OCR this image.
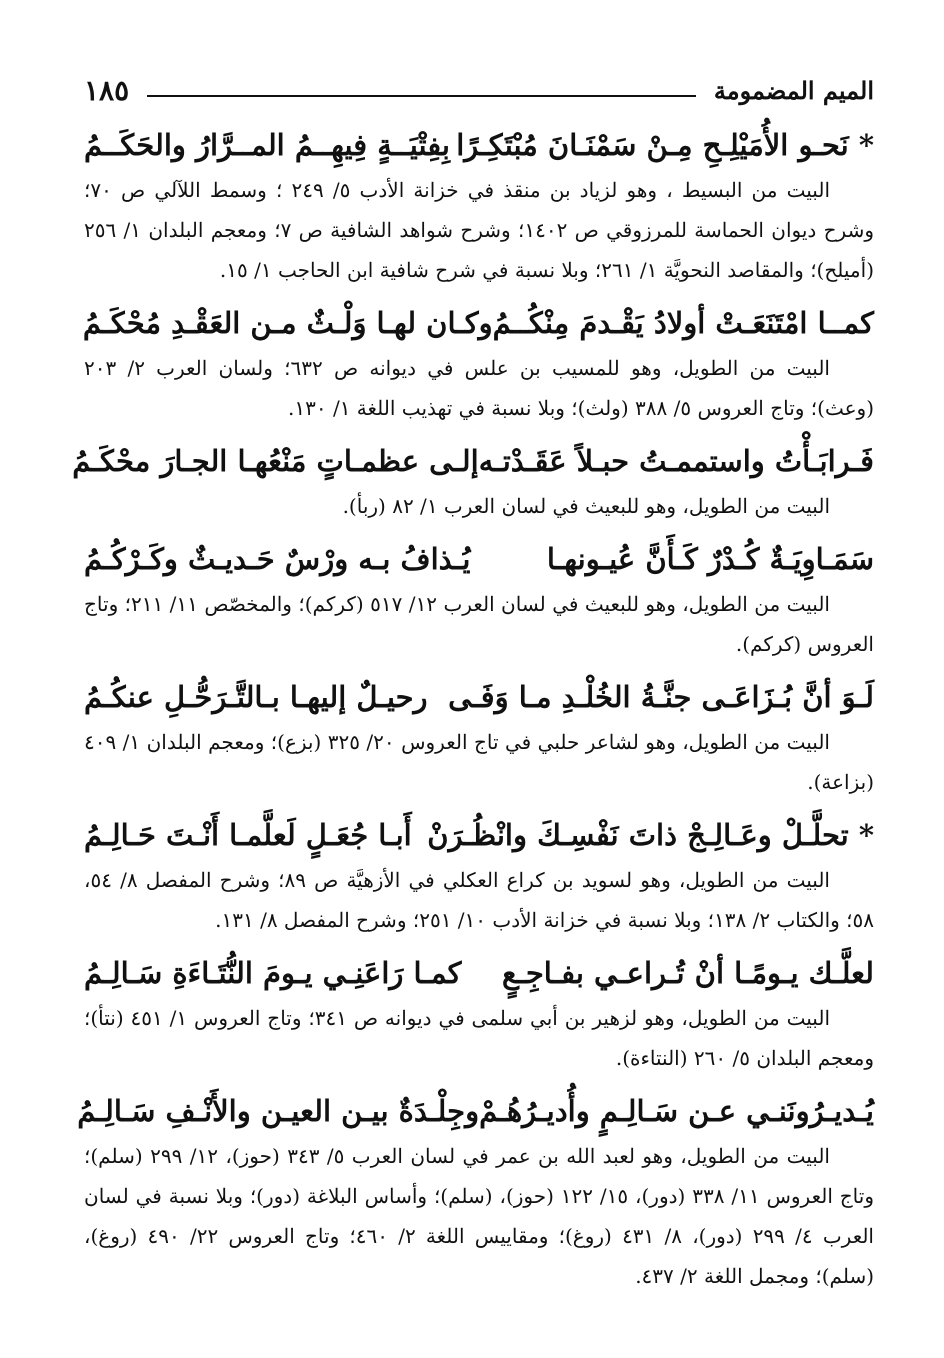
الميم المضمومة
١٨٥
* نَحـو الأُمَيْلِـحِ مِـنْ سَمْنَـانَ مُبْتَكِـرًا
بِفِتْيَــةٍ فِيهِــمُ المــرَّارُ والحَكَــمُ

البيت من البسيط ، وهو لزياد بن منقذ في خزانة الأدب ٥/ ٢٤٩ ؛ وسمط اللآلي ص ٧٠؛ وشرح ديوان الحماسة للمرزوقي ص ١٤٠٢؛ وشرح شواهد الشافية ص ٧؛ ومعجم البلدان ١/ ٢٥٦ (أميلح)؛ والمقاصد النحويَّة ١/ ٢٦١؛ وبلا نسبة في شرح شافية ابن الحاجب ١/ ١٥.

كمــا امْتَنَعَـتْ أولادُ يَقْـدمَ مِنْكُــمُ
وكـان لهـا وَلْـثٌ مـن العَقْـدِ مُحْكَـمُ

البيت من الطويل، وهو للمسيب بن علس في ديوانه ص ٦٣٢؛ ولسان العرب ٢/ ٢٠٣ (وعث)؛ وتاج العروس ٥/ ٣٨٨ (ولث)؛ وبلا نسبة في تهذيب اللغة ١/ ١٣٠.

فَـرابَـأْتُ واستممـتُ حبـلاً عَقَـدْتـه
إلـى عظمـاتٍ مَنْعُهـا الجـارَ محْكَـمُ

البيت من الطويل، وهو للبعيث في لسان العرب ١/ ٨٢ (ربأ).

سَمَـاوِيَـةٌ كُـدْرٌ كَـأَنَّ عُيـونهـا
يُـذافُ بـه ورْسٌ حَـديـثٌ وكَـرْكُـمُ

البيت من الطويل، وهو للبعيث في لسان العرب ١٢/ ٥١٧ (كركم)؛ والمخصّص ١١/ ٢١١؛ وتاج العروس (كركم).

لَـوَ أنَّ بُـزَاعَـى جنَّـةُ الخُلْـدِ مـا وَفَـى
رحيـلٌ إليهـا بـالتَّـرَحُّـلِ عنكُـمُ

البيت من الطويل، وهو لشاعر حلبي في تاج العروس ٢٠/ ٣٢٥ (بزع)؛ ومعجم البلدان ١/ ٤٠٩ (بزاعة).

* تحلَّـلْ وعَـالِـجْ ذاتَ نَفْسِـكَ وانْظُـرَنْ
أَبـا جُعَـلٍ لَعلَّمـا أَنْـتَ حَـالِـمُ

البيت من الطويل، وهو لسويد بن كراع العكلي في الأزهيَّة ص ٨٩؛ وشرح المفصل ٨/ ٥٤، ٥٨؛ والكتاب ٢/ ١٣٨؛ وبلا نسبة في خزانة الأدب ١٠/ ٢٥١؛ وشرح المفصل ٨/ ١٣١.

لعلَّـك يـومًـا أنْ تُـراعـي بفـاجِـعٍ
كمـا رَاعَنِـي يـومَ النُّتَـاءَةِ سَـالِـمُ

البيت من الطويل، وهو لزهير بن أبي سلمى في ديوانه ص ٣٤١؛ وتاج العروس ١/ ٤٥١ (نتأ)؛ ومعجم البلدان ٥/ ٢٦٠ (النتاءة).

يُـديـرُونَنـي عـن سَـالِـمٍ وأُديـرُهُـمْ
وجِلْـدَةٌ بيـن العيـن والأَنْـفِ سَـالِـمُ

البيت من الطويل، وهو لعبد الله بن عمر في لسان العرب ٥/ ٣٤٣ (حوز)، ١٢/ ٢٩٩ (سلم)؛ وتاج العروس ١١/ ٣٣٨ (دور)، ١٥/ ١٢٢ (حوز)، (سلم)؛ وأساس البلاغة (دور)؛ وبلا نسبة في لسان العرب ٤/ ٢٩٩ (دور)، ٨/ ٤٣١ (روغ)؛ ومقاييس اللغة ٢/ ٤٦٠؛ وتاج العروس ٢٢/ ٤٩٠ (روغ)، (سلم)؛ ومجمل اللغة ٢/ ٤٣٧.
